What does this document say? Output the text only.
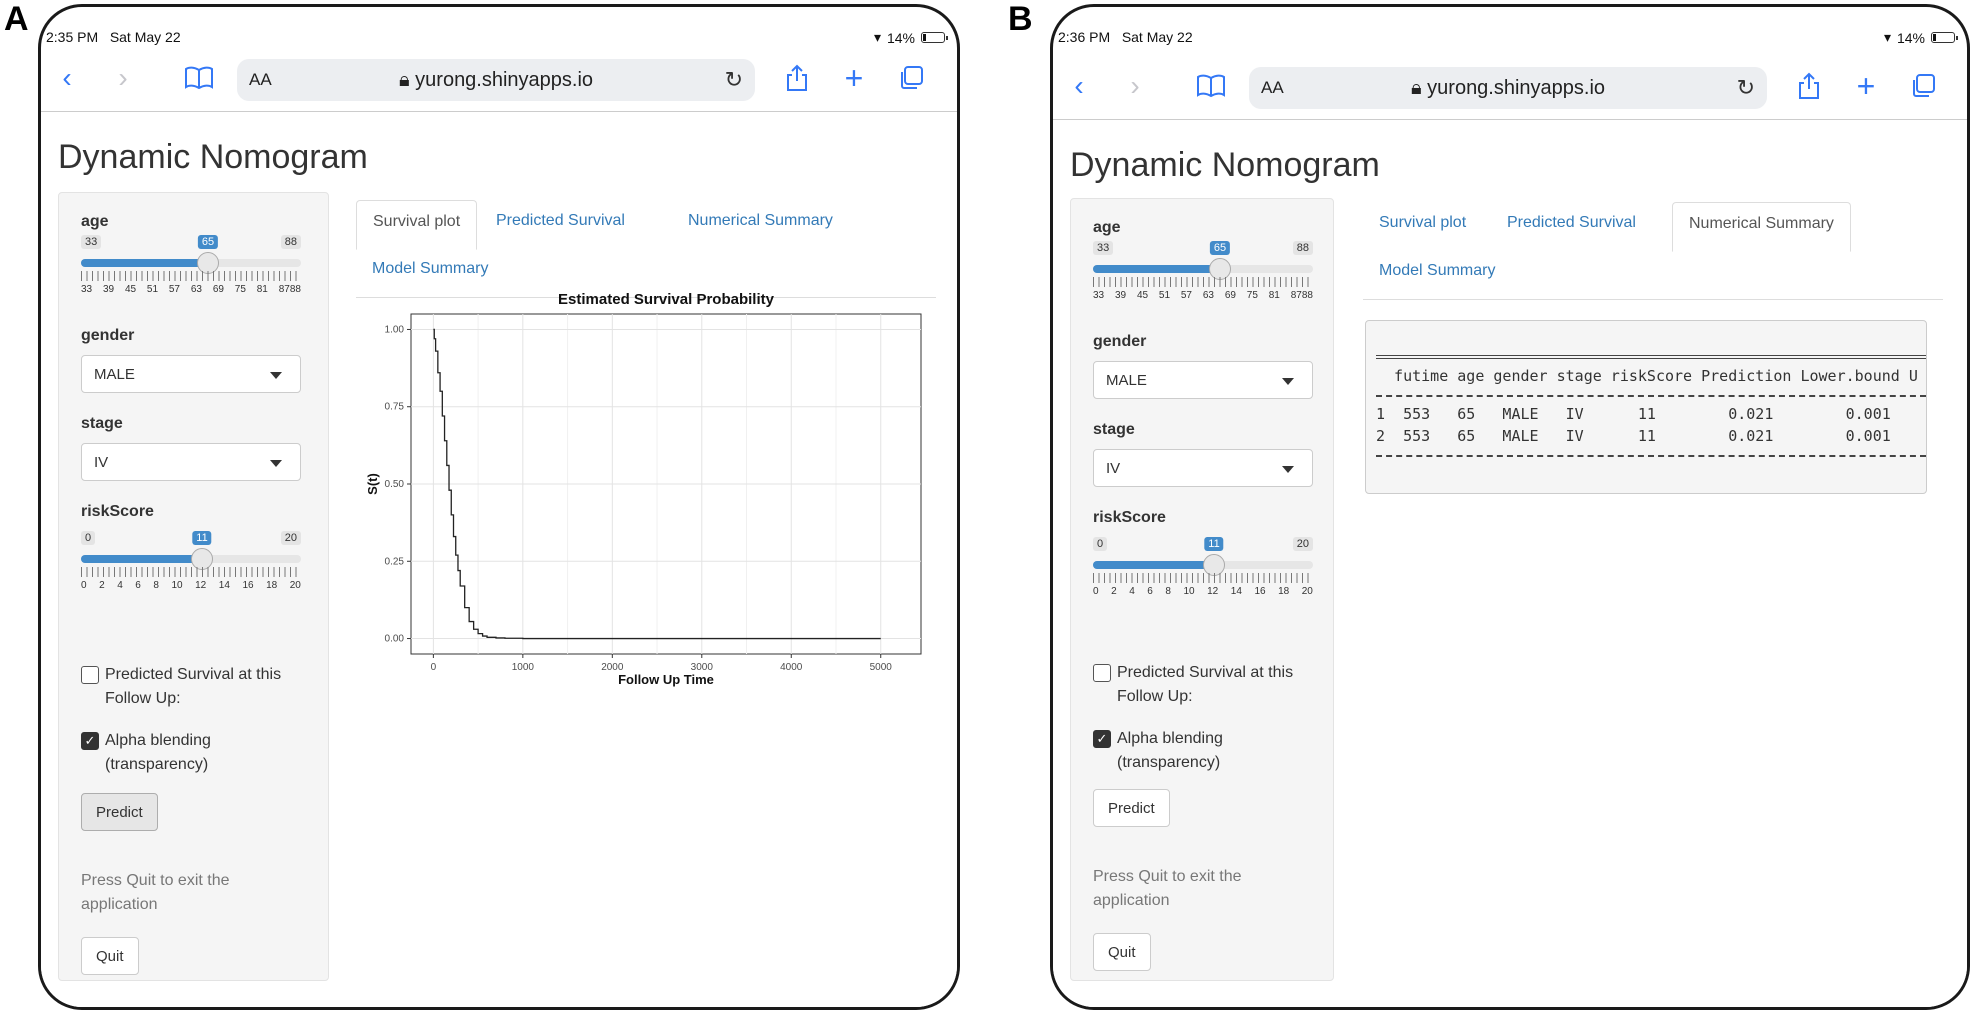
A	B
2:35 PM Sat May 22	▾ 14%
‹	›	AA	🔒︎ yurong.shinyapps.io	↻	+
Dynamic Nomogram
age
33	88
65
33 39 45 51 57 63 69 75 81 8788
gender
MALE
stage
IV
riskScore
0	20
11
0 2 4 6 8 10 12 14 16 18 20
Predicted Survival at this Follow Up:
✓ Alpha blending (transparency)
Predict
Press Quit to exit the application
Quit
Survival plot	Predicted Survival	Numerical Summary
Model Summary
0	1000	2000	3000	4000	5000
0.00
0.25
0.50
0.75
1.00
Estimated Survival Probability
Follow Up Time
S(t)
2:36 PM Sat May 22	▾ 14%
‹	›	AA	🔒︎ yurong.shinyapps.io	↻	+
Dynamic Nomogram
age
33	88
65
33 39 45 51 57 63 69 75 81 8788
gender
MALE
stage
IV
riskScore
0	20
11
0 2 4 6 8 10 12 14 16 18 20
Predicted Survival at this Follow Up:
✓ Alpha blending (transparency)
Predict
Press Quit to exit the application
Quit
Survival plot	Predicted Survival	Numerical Summary
Model Summary
futime age gender stage riskScore Prediction Lower.bound U
1  553   65   MALE   IV      11        0.021        0.001
2  553   65   MALE   IV      11        0.021        0.001
